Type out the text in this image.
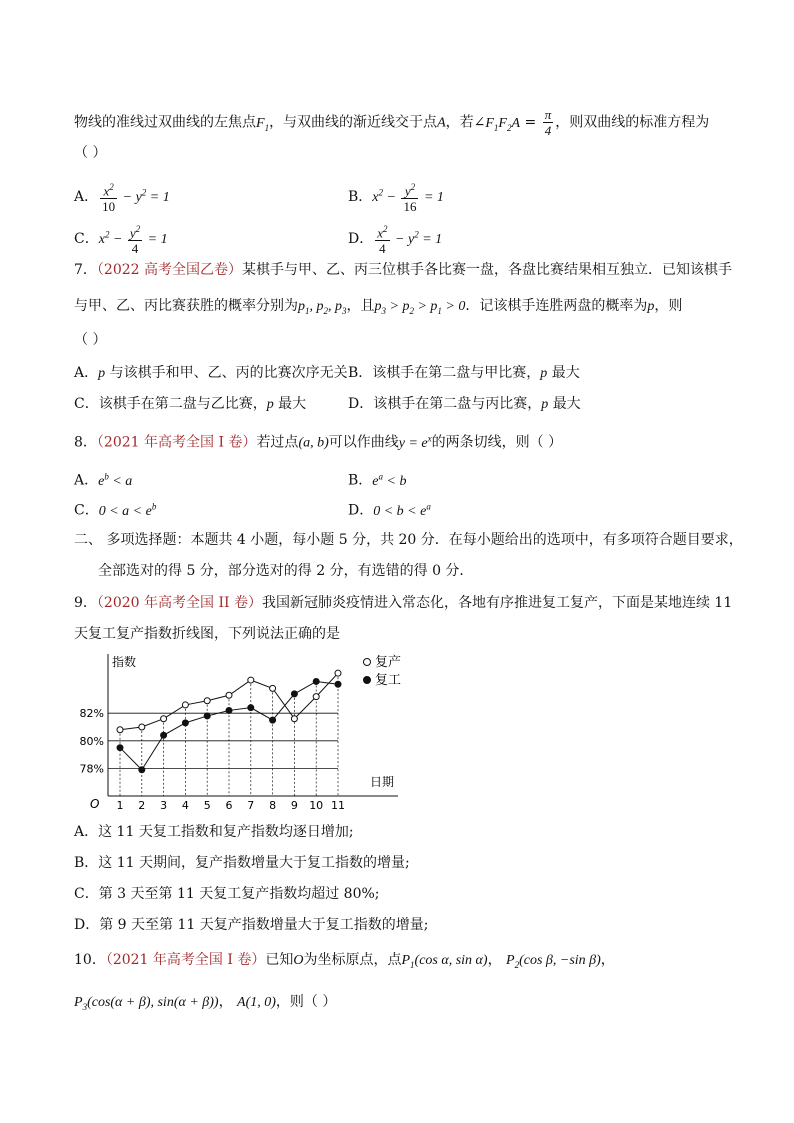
物线的准线过双曲线的左焦点$F_1$，与双曲线的渐近线交于点A，若$\angle F_1F_2A = \frac{\pi}{4}$ ，则双曲线的标准方程为
（ ）
A． $\frac{x^2}{10} - y^2 = 1$	B．$x^2 - \frac{y^2}{16} = 1$
C．$x^2 - \frac{y^2}{4} = 1$	D． $\frac{x^2}{4} - y^2 = 1$
7．（2022 高考全国乙卷）某棋手与甲、乙、丙三位棋手各比赛一盘，各盘比赛结果相互独立．已知该棋手
与甲、乙、丙比赛获胜的概率分别为$p_1$, $p_2$, $p_3$，且$p_3 > p_2 > p_1 > 0$．记该棋手连胜两盘的概率为p，则
（ ）
A．p 与该棋手和甲、乙、丙的比赛次序无关 B．该棋手在第二盘与甲比赛，p 最大
C．该棋手在第二盘与乙比赛，p 最大	D．该棋手在第二盘与丙比赛，p 最大
8．（2021 年高考全国 I 卷）若过点(a, b)可以作曲线$y = e^x$的两条切线，则（ ）
A．$e^b < a$	B．$e^a < b$
C．$0 < a < e^b$	D．$0 < b < e^a$
二、 多项选择题：本题共 4 小题，每小题 5 分，共 20 分．在每小题给出的选项中，有多项符合题目要求，
全部选对的得 5 分，部分选对的得 2 分，有选错的得 0 分．
9．（2020 年高考全国 II 卷）我国新冠肺炎疫情进入常态化，各地有序推进复工复产，下面是某地连续 11
天复工复产指数折线图，下列说法正确的是
78%
80%
82%
指数
日期
O 1 2 3 4 5 6 7 8 9 10 11
复产
复工
A．这 11 天复工指数和复产指数均逐日增加;
B．这 11 天期间，复产指数增量大于复工指数的增量;
C．第 3 天至第 11 天复工复产指数均超过 80%;
D．第 9 天至第 11 天复产指数增量大于复工指数的增量;
10．（2021 年高考全国 I 卷）已知O为坐标原点，点$P_1(\cos$ α, sin α)， $P_2(\cos$ β, −sin β)，
$P_3(\cos(\alpha + \beta)$, sin(α + β))， A(1, 0)，则（ ）
